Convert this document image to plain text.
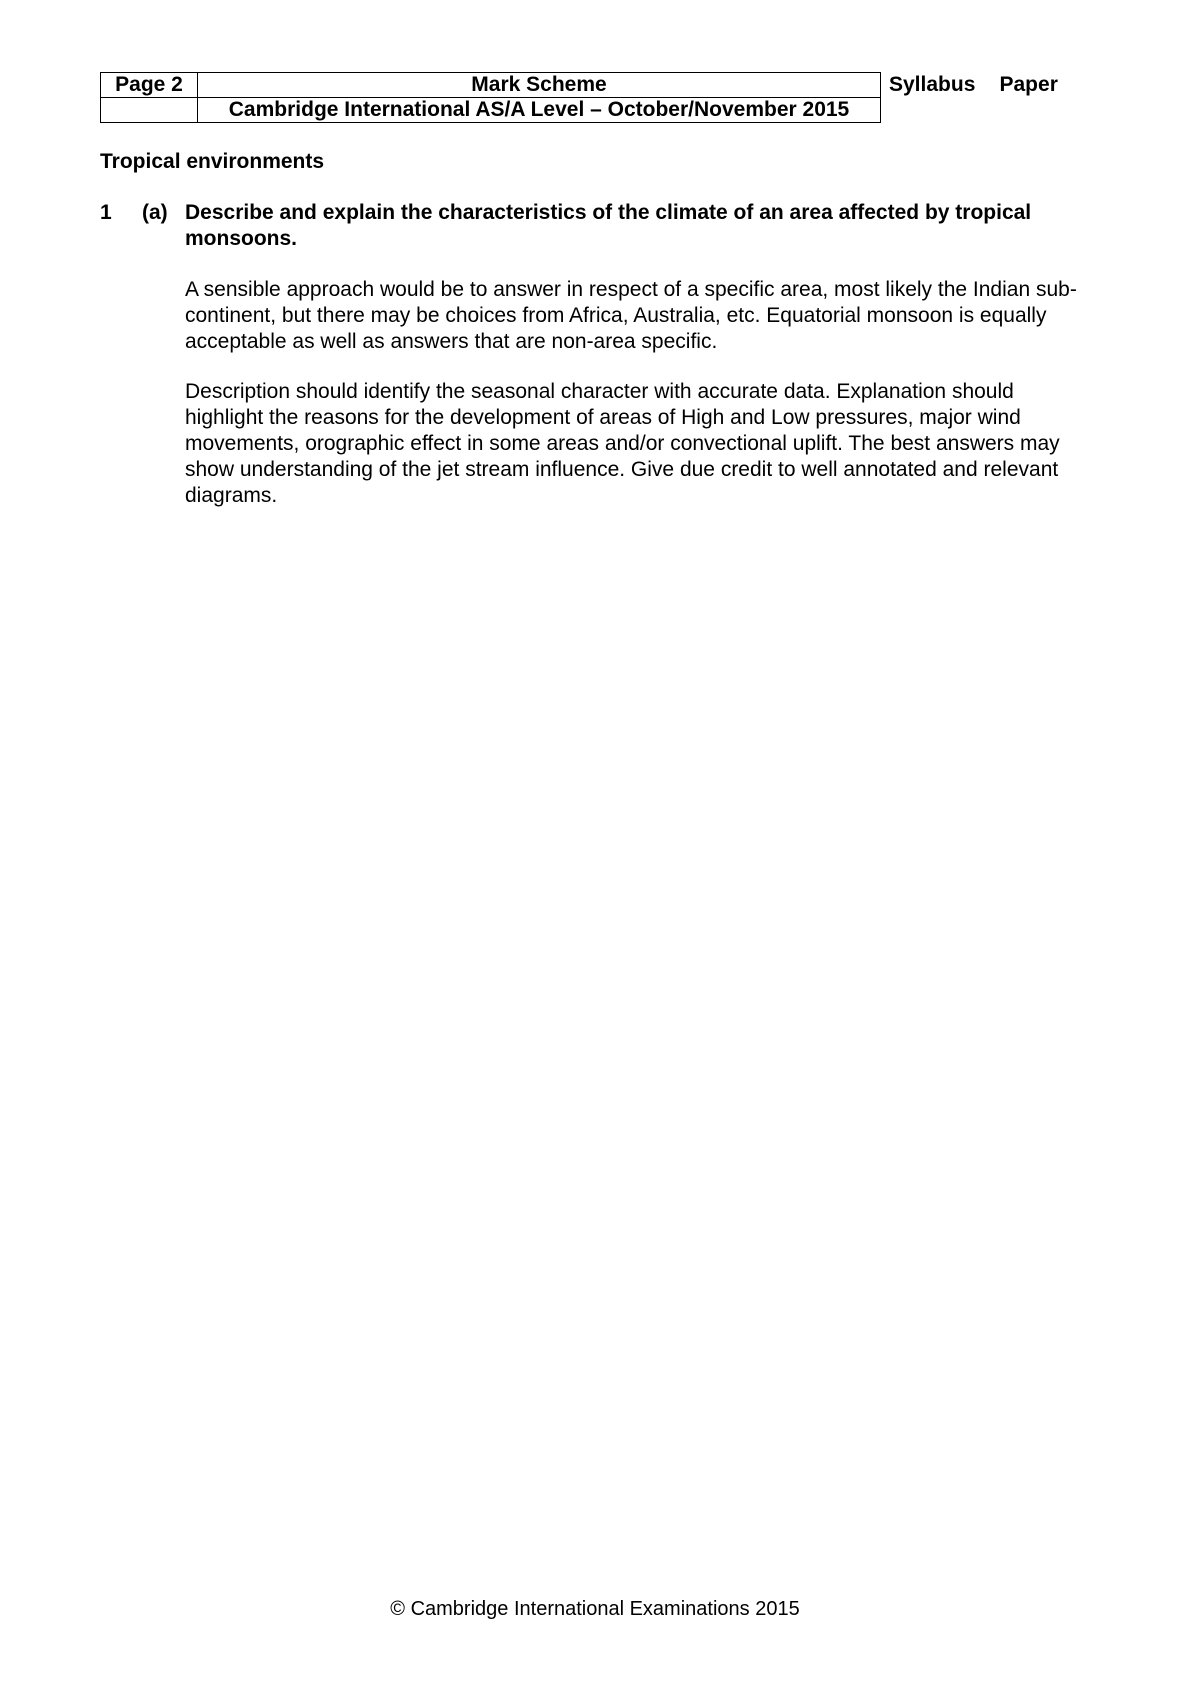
Page 2	Mark Scheme	Syllabus	Paper
	Cambridge International AS/A Level – October/November 2015		
Tropical environments
1 (a) Describe and explain the characteristics of the climate of an area affected by tropical monsoons.

A sensible approach would be to answer in respect of a specific area, most likely the Indian sub-continent, but there may be choices from Africa, Australia, etc. Equatorial monsoon is equally acceptable as well as answers that are non-area specific.

Description should identify the seasonal character with accurate data. Explanation should highlight the reasons for the development of areas of High and Low pressures, major wind movements, orographic effect in some areas and/or convectional uplift. The best answers may show understanding of the jet stream influence. Give due credit to well annotated and relevant diagrams.

© Cambridge International Examinations 2015
